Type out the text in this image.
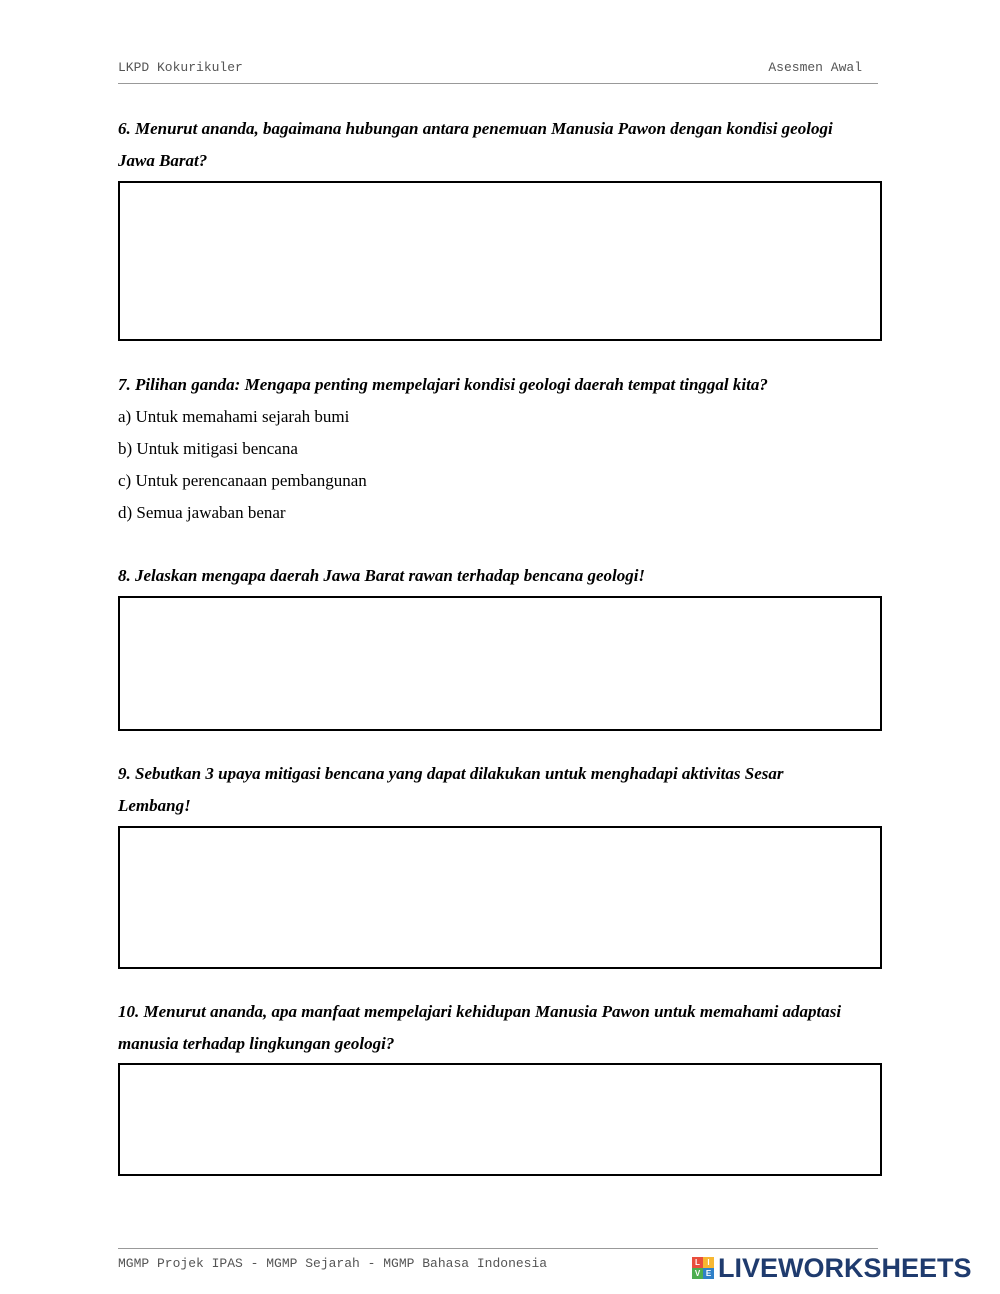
LKPD Kokurikuler	Asesmen Awal
6. Menurut ananda, bagaimana hubungan antara penemuan Manusia Pawon dengan kondisi geologi
Jawa Barat?
7. Pilihan ganda: Mengapa penting mempelajari kondisi geologi daerah tempat tinggal kita?
a) Untuk memahami sejarah bumi
b) Untuk mitigasi bencana
c) Untuk perencanaan pembangunan
d) Semua jawaban benar
8. Jelaskan mengapa daerah Jawa Barat rawan terhadap bencana geologi!
9. Sebutkan 3 upaya mitigasi bencana yang dapat dilakukan untuk menghadapi aktivitas Sesar
Lembang!
10. Menurut ananda, apa manfaat mempelajari kehidupan Manusia Pawon untuk memahami adaptasi
manusia terhadap lingkungan geologi?
MGMP Projek IPAS - MGMP Sejarah - MGMP Bahasa Indonesia	L I
V E LIVEWORKSHEETS
